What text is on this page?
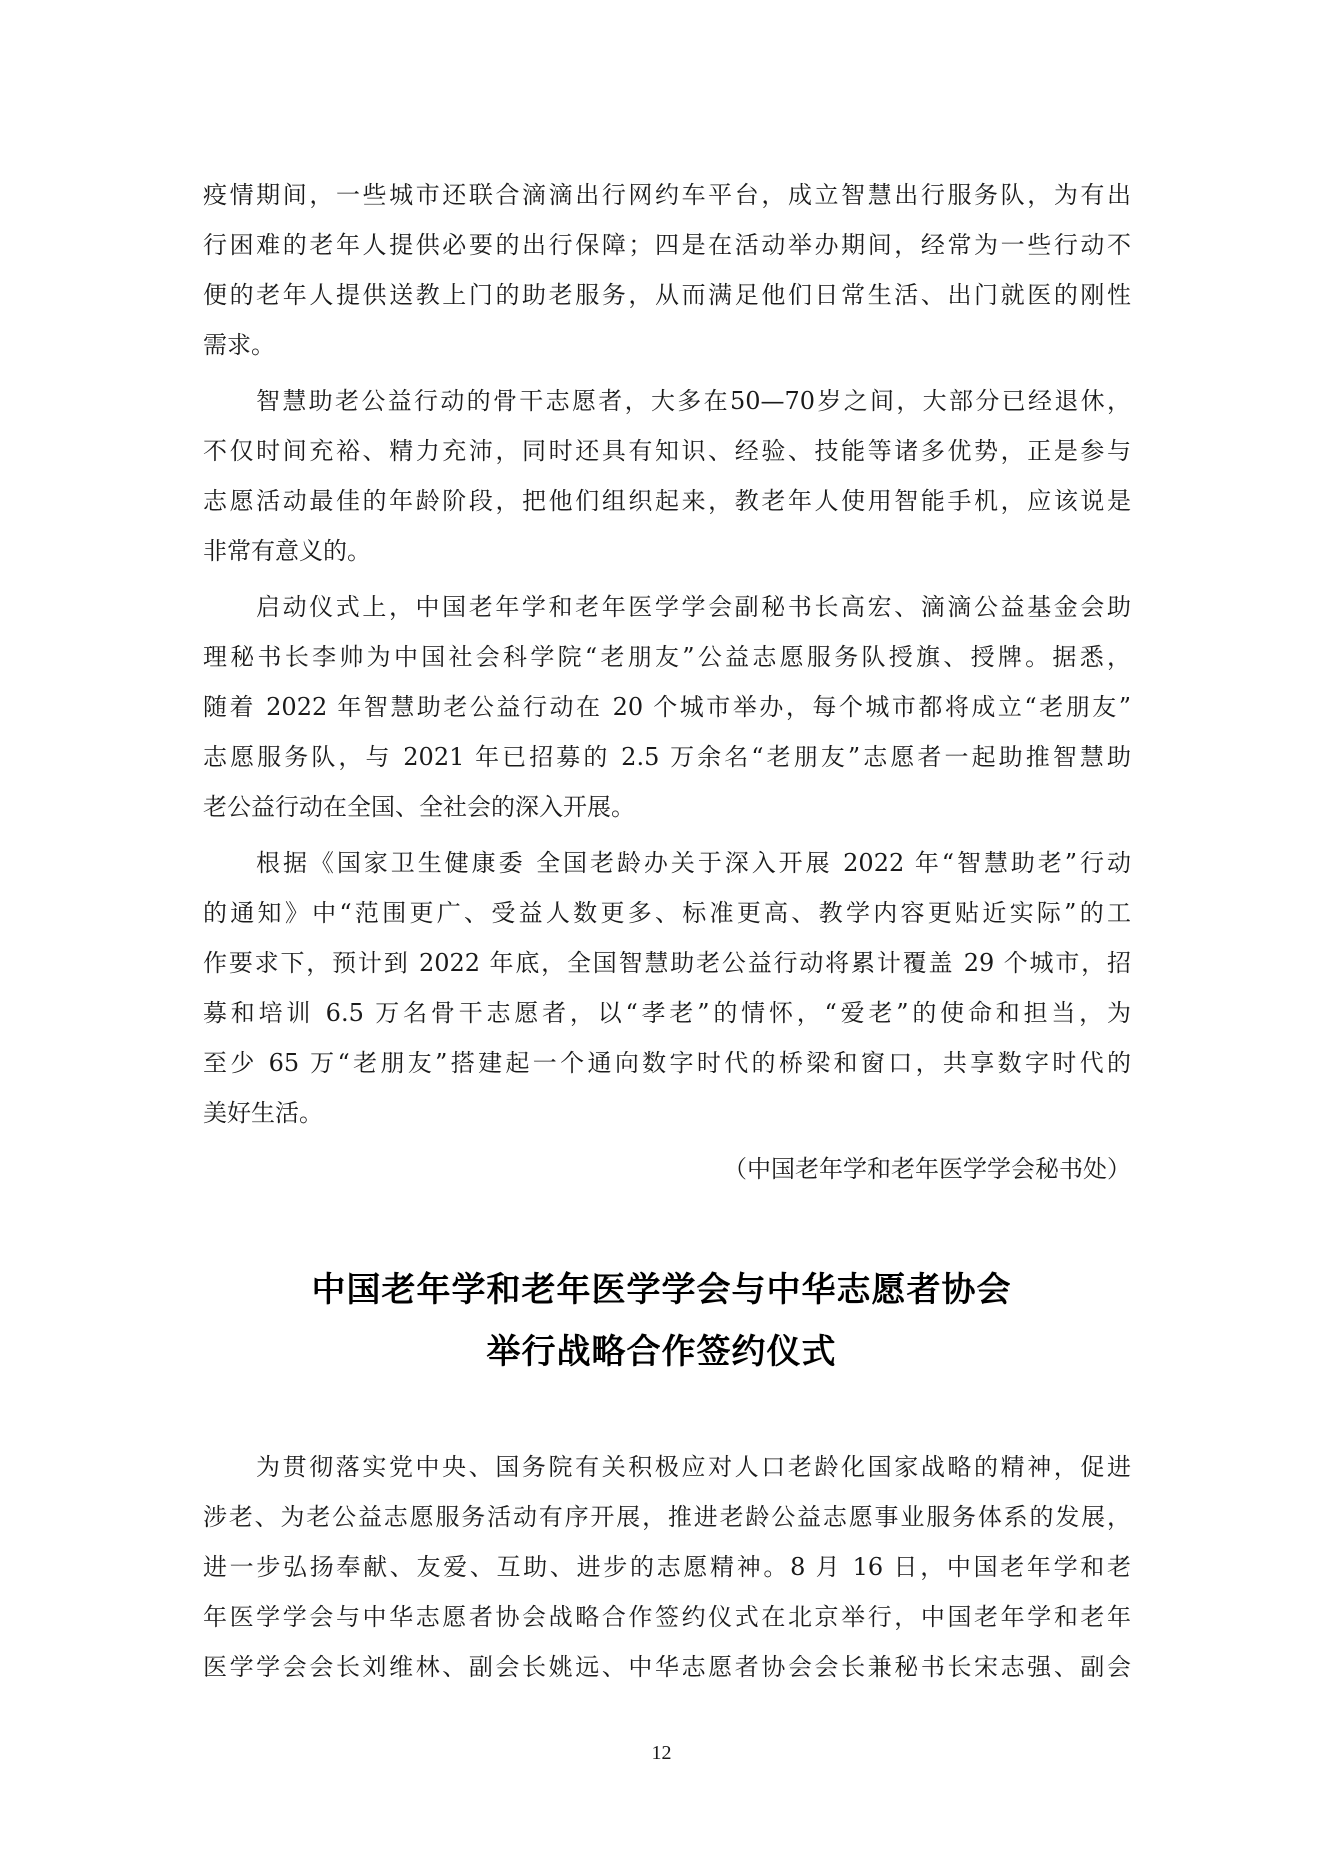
疫情期间，一些城市还联合滴滴出行网约车平台，成立智慧出行服务队，为有出
行困难的老年人提供必要的出行保障；四是在活动举办期间，经常为一些行动不
便的老年人提供送教上门的助老服务，从而满足他们日常生活、出门就医的刚性
需求。
智慧助老公益行动的骨干志愿者，大多在50—70岁之间，大部分已经退休，
不仅时间充裕、精力充沛，同时还具有知识、经验、技能等诸多优势，正是参与
志愿活动最佳的年龄阶段，把他们组织起来，教老年人使用智能手机，应该说是
非常有意义的。
启动仪式上，中国老年学和老年医学学会副秘书长高宏、滴滴公益基金会助
理秘书长李帅为中国社会科学院“老朋友”公益志愿服务队授旗、授牌。据悉，
随着 2022 年智慧助老公益行动在 20 个城市举办，每个城市都将成立“老朋友”
志愿服务队，与 2021 年已招募的 2.5 万余名“老朋友”志愿者一起助推智慧助
老公益行动在全国、全社会的深入开展。
根据《国家卫生健康委 全国老龄办关于深入开展 2022 年“智慧助老”行动
的通知》中“范围更广、受益人数更多、标准更高、教学内容更贴近实际”的工
作要求下，预计到 2022 年底，全国智慧助老公益行动将累计覆盖 29 个城市，招
募和培训 6.5 万名骨干志愿者，以“孝老”的情怀，“爱老”的使命和担当，为
至少 65 万“老朋友”搭建起一个通向数字时代的桥梁和窗口，共享数字时代的
美好生活。
（中国老年学和老年医学学会秘书处）
中国老年学和老年医学学会与中华志愿者协会
举行战略合作签约仪式
为贯彻落实党中央、国务院有关积极应对人口老龄化国家战略的精神，促进
涉老、为老公益志愿服务活动有序开展，推进老龄公益志愿事业服务体系的发展，
进一步弘扬奉献、友爱、互助、进步的志愿精神。8 月 16 日，中国老年学和老
年医学学会与中华志愿者协会战略合作签约仪式在北京举行，中国老年学和老年
医学学会会长刘维林、副会长姚远、中华志愿者协会会长兼秘书长宋志强、副会
12
